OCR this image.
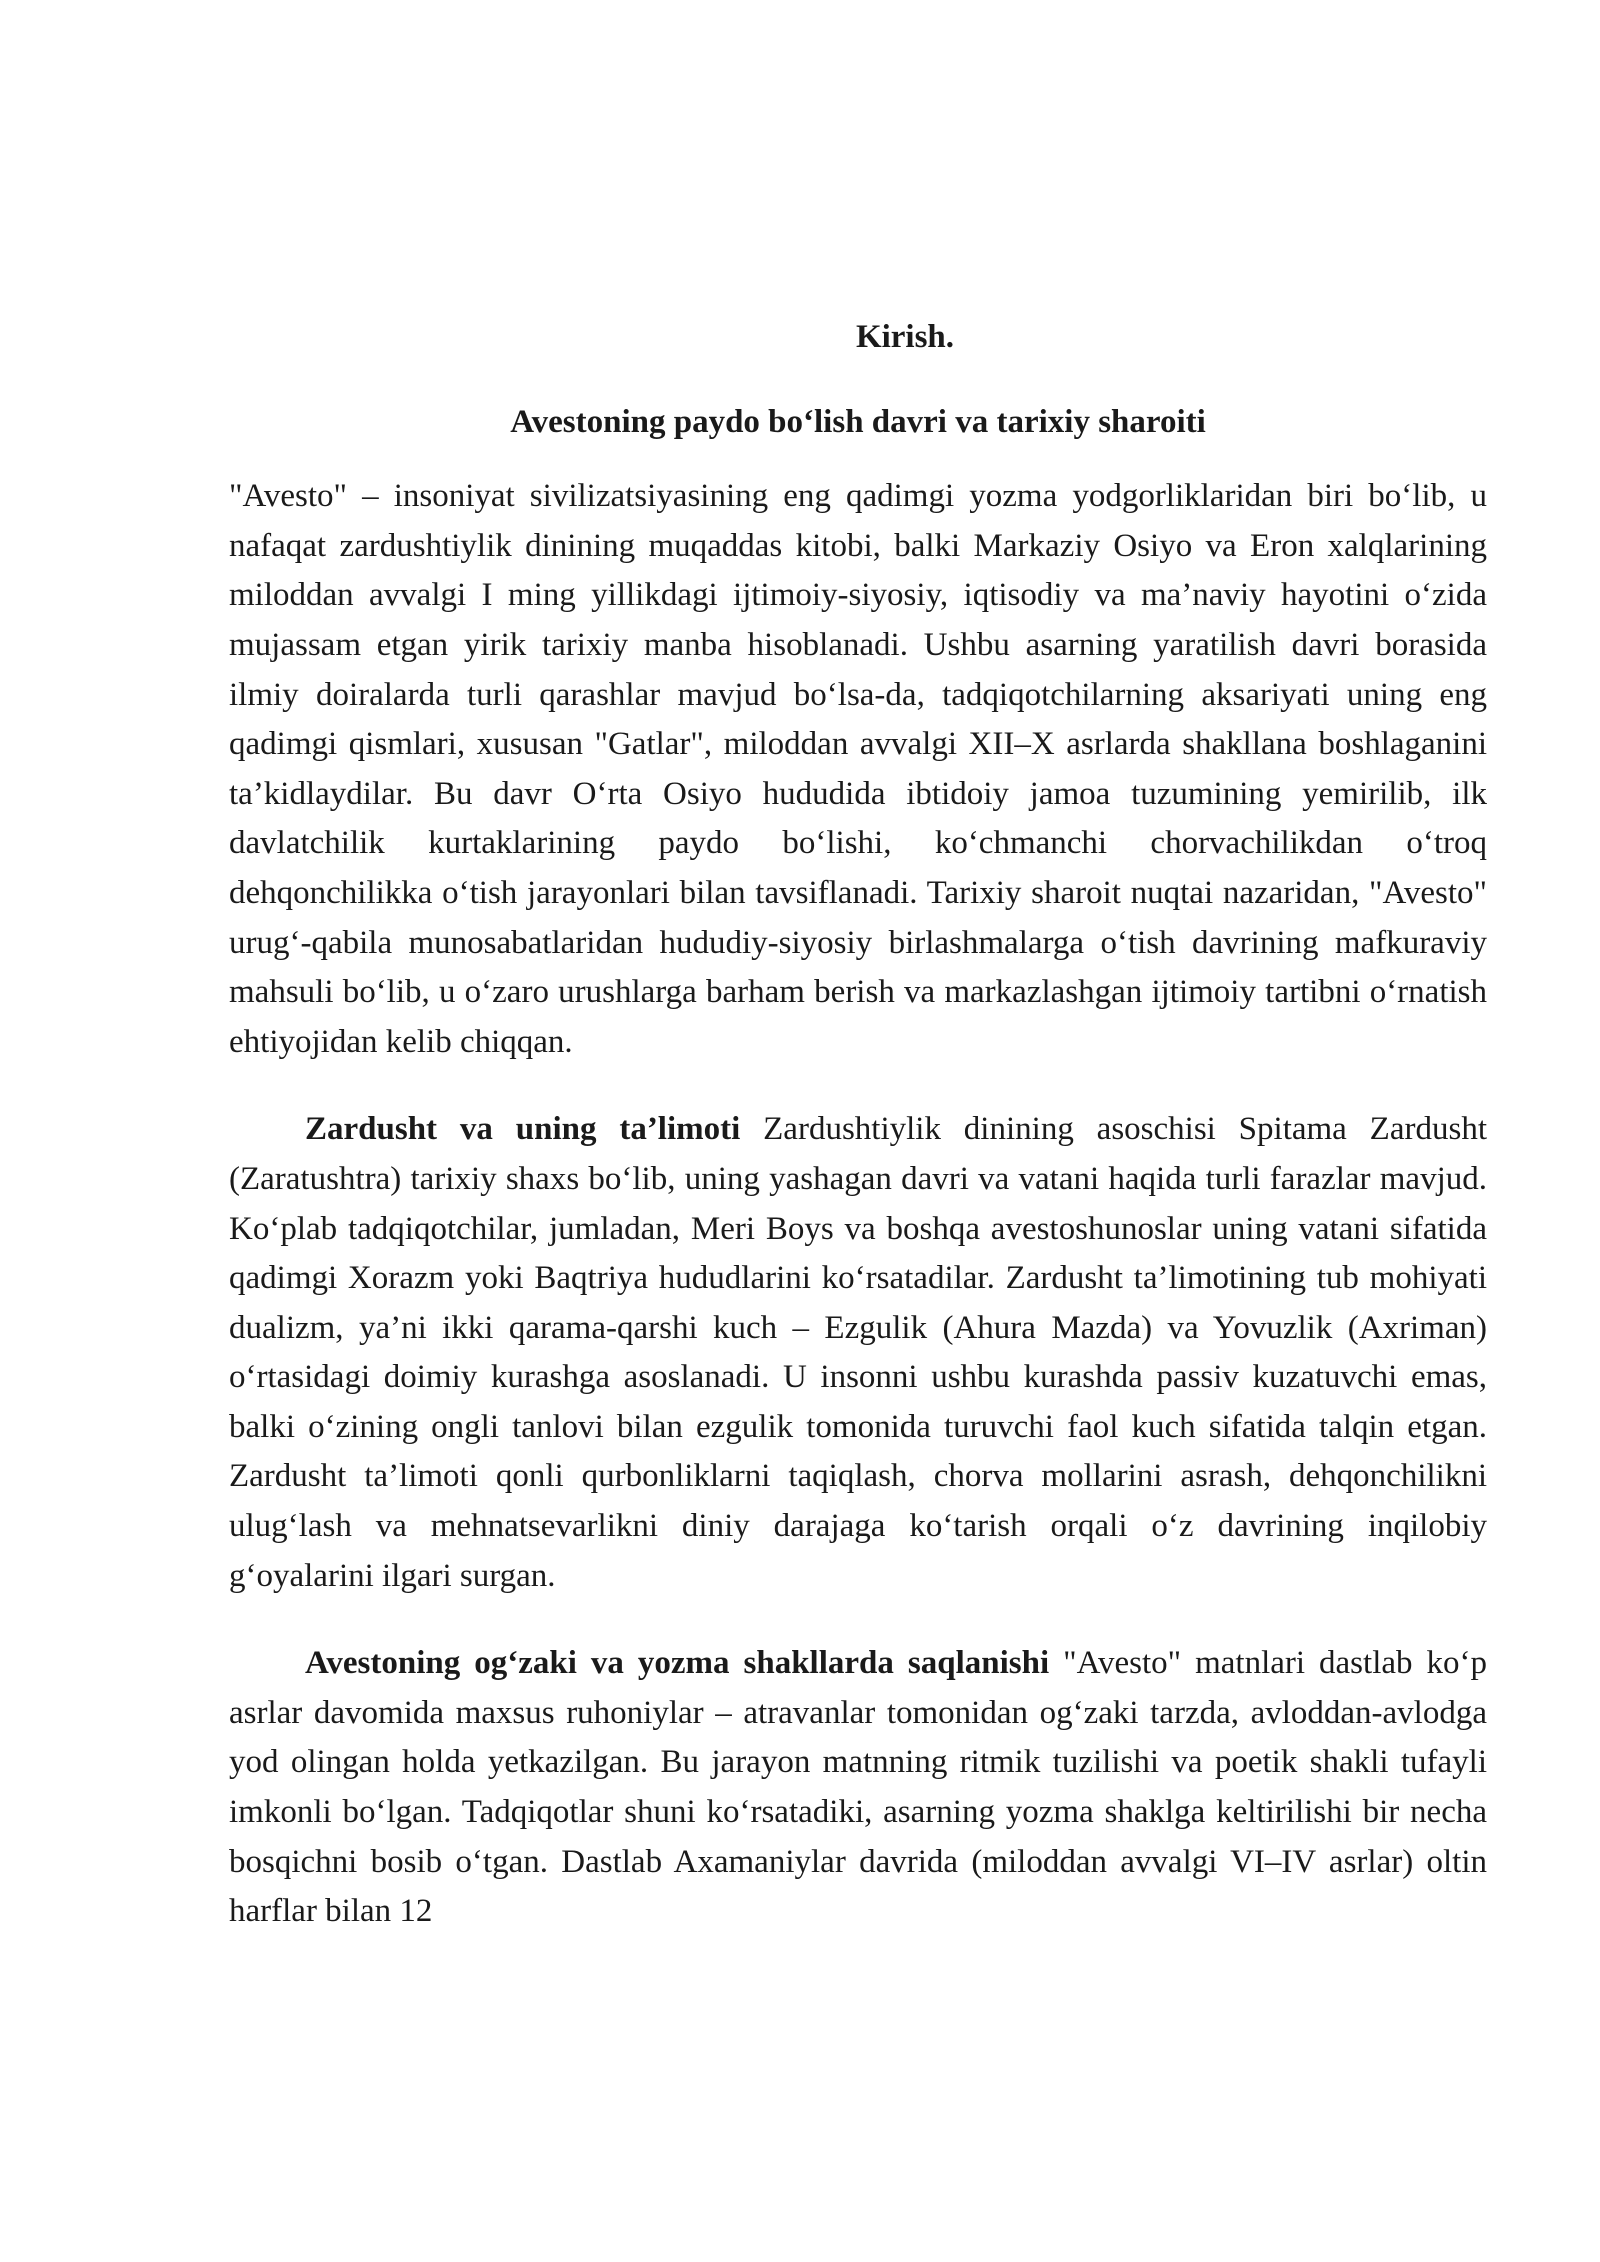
Kirish.
Avestoning paydo bo‘lish davri va tarixiy sharoiti

"Avesto" – insoniyat sivilizatsiyasining eng qadimgi yozma yodgorliklaridan biri bo‘lib, u nafaqat zardushtiylik dinining muqaddas kitobi, balki Markaziy Osiyo va Eron xalqlarining miloddan avvalgi I ming yillikdagi ijtimoiy-siyosiy, iqtisodiy va ma’naviy hayotini o‘zida mujassam etgan yirik tarixiy manba hisoblanadi. Ushbu asarning yaratilish davri borasida ilmiy doiralarda turli qarashlar mavjud bo‘lsa-da, tadqiqotchilarning aksariyati uning eng qadimgi qismlari, xususan "Gatlar", miloddan avvalgi XII–X asrlarda shakllana boshlaganini ta’kidlaydilar. Bu davr O‘rta Osiyo hududida ibtidoiy jamoa tuzumining yemirilib, ilk davlatchilik kurtaklarining paydo bo‘lishi, ko‘chmanchi chorvachilikdan o‘troq dehqonchilikka o‘tish jarayonlari bilan tavsiflanadi. Tarixiy sharoit nuqtai nazaridan, "Avesto" urug‘-qabila munosabatlaridan hududiy-siyosiy birlashmalarga o‘tish davrining mafkuraviy mahsuli bo‘lib, u o‘zaro urushlarga barham berish va markazlashgan ijtimoiy tartibni o‘rnatish ehtiyojidan kelib chiqqan.

Zardusht va uning ta’limoti Zardushtiylik dinining asoschisi Spitama Zardusht (Zaratushtra) tarixiy shaxs bo‘lib, uning yashagan davri va vatani haqida turli farazlar mavjud. Ko‘plab tadqiqotchilar, jumladan, Meri Boys va boshqa avestoshunoslar uning vatani sifatida qadimgi Xorazm yoki Baqtriya hududlarini ko‘rsatadilar. Zardusht ta’limotining tub mohiyati dualizm, ya’ni ikki qarama-qarshi kuch – Ezgulik (Ahura Mazda) va Yovuzlik (Axriman) o‘rtasidagi doimiy kurashga asoslanadi. U insonni ushbu kurashda passiv kuzatuvchi emas, balki o‘zining ongli tanlovi bilan ezgulik tomonida turuvchi faol kuch sifatida talqin etgan. Zardusht ta’limoti qonli qurbonliklarni taqiqlash, chorva mollarini asrash, dehqonchilikni ulug‘lash va mehnatsevarlikni diniy darajaga ko‘tarish orqali o‘z davrining inqilobiy g‘oyalarini ilgari surgan.

Avestoning og‘zaki va yozma shakllarda saqlanishi "Avesto" matnlari dastlab ko‘p asrlar davomida maxsus ruhoniylar – atravanlar tomonidan og‘zaki tarzda, avloddan-avlodga yod olingan holda yetkazilgan. Bu jarayon matnning ritmik tuzilishi va poetik shakli tufayli imkonli bo‘lgan. Tadqiqotlar shuni ko‘rsatadiki, asarning yozma shaklga keltirilishi bir necha bosqichni bosib o‘tgan. Dastlab Axamaniylar davrida (miloddan avvalgi VI–IV asrlar) oltin harflar bilan 12
